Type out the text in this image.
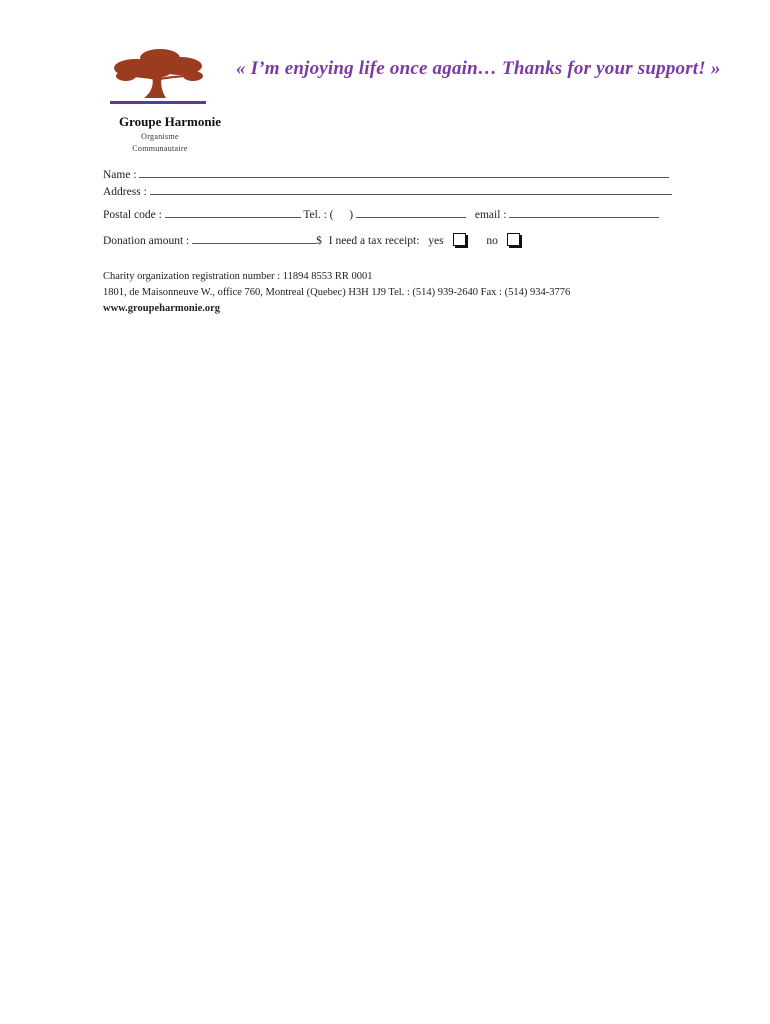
Groupe Harmonie
Organisme
Communautaire
« I’m enjoying life once again… Thanks for your support! »
Name :
Address :
Postal code :	Tel. : ( )	email :
Donation amount :	$ I need a tax receipt: yes	no
Charity organization registration number : 11894 8553 RR 0001
1801, de Maisonneuve W., office 760, Montreal (Quebec) H3H 1J9 Tel. : (514) 939-2640 Fax : (514) 934-3776
www.groupeharmonie.org
